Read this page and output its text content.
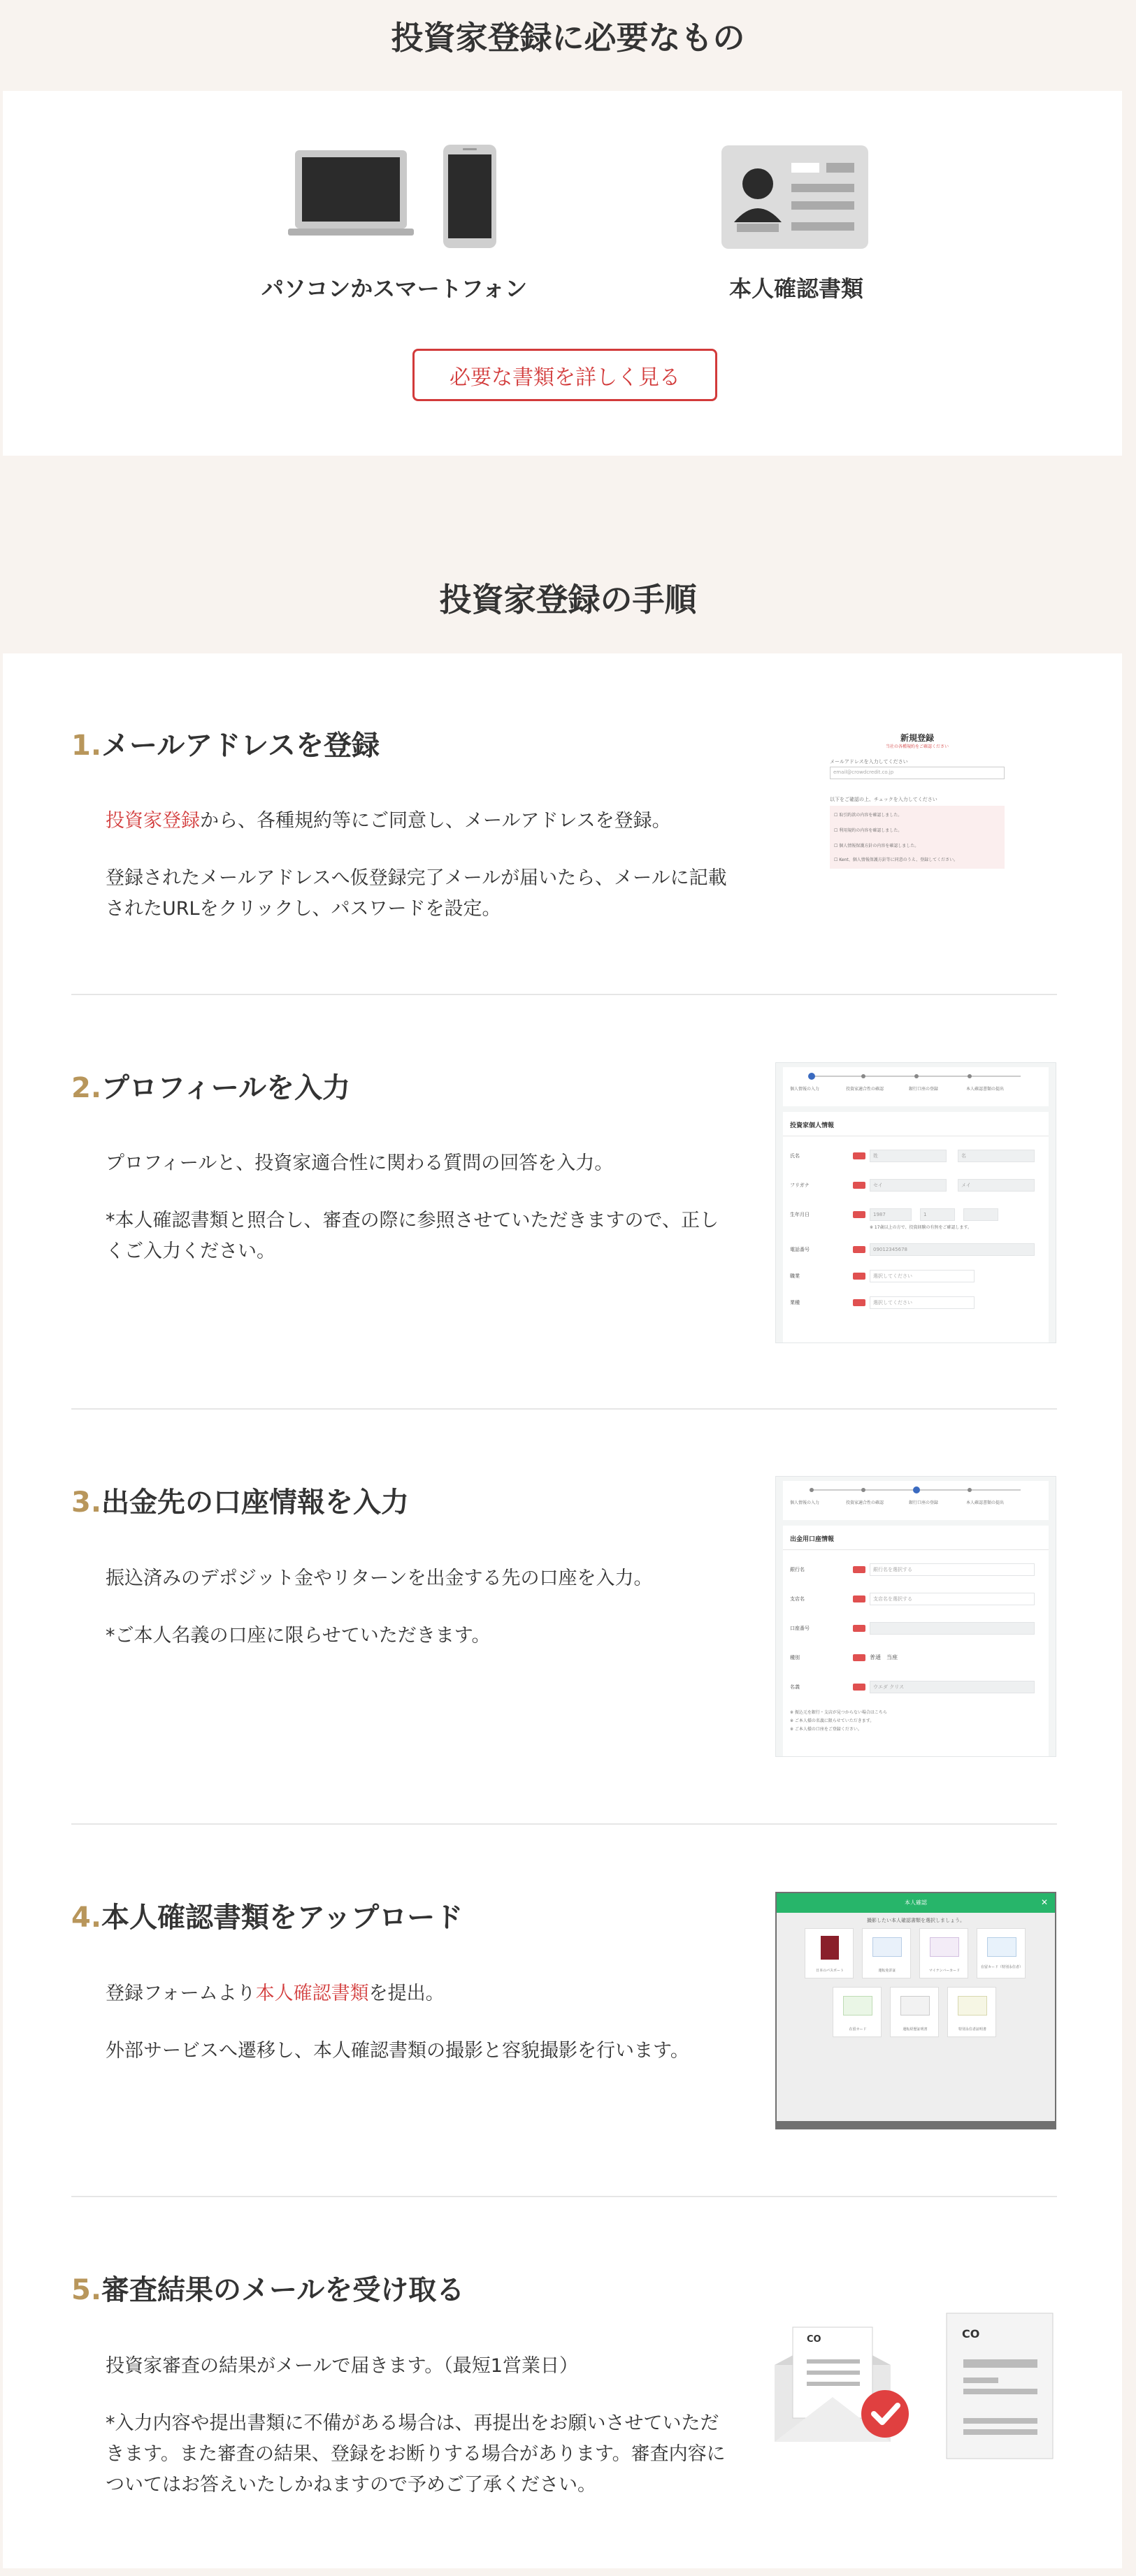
投資家登録に必要なもの
パソコンかスマートフォン	本人確認書類
必要な書類を詳しく見る
投資家登録の手順
1.メールアドレスを登録

投資家登録から、各種規約等にご同意し、メールアドレスを登録。

登録されたメールアドレスへ仮登録完了メールが届いたら、メールに記載されたURLをクリックし、パスワードを設定。

新規登録
当社の各種規約をご確認ください
メールアドレスを入力してください
email@crowdcredit.co.jp
以下をご確認の上、チェックを入力してください
☐ 取引約款の内容を確認しました。
☐ 利用規約の内容を確認しました。
☐ 個人情報保護方針の内容を確認しました。
☐ Kent、個人情報保護方針等に同意のうえ、登録してください。
2.プロフィールを入力

プロフィールと、投資家適合性に関わる質問の回答を入力。

*本人確認書類と照合し、審査の際に参照させていただきますので、正しくご入力ください。

個人情報の入力	投資家適合性の確認	銀行口座の登録	本人確認書類の提出
投資家個人情報
氏名	姓	名
フリガナ	セイ	メイ
生年月日	1987	1
※ 17歳以上の方で、投資経験の有無をご確認します。
電話番号	09012345678
職業	選択してください
業種	選択してください
3.出金先の口座情報を入力

振込済みのデポジット金やリターンを出金する先の口座を入力。

*ご本人名義の口座に限らせていただきます。

個人情報の入力	投資家適合性の確認	銀行口座の登録	本人確認書類の提出
出金用口座情報
銀行名	銀行名を選択する
支店名	支店名を選択する
口座番号
種別	普通　当座
名義	ウエダ クリス
※ 振込元を銀行・支店が見つからない場合はこちら
※ ご本人様の名義に限らせていただきます。
※ ご本人様の口座をご登録ください。
4.本人確認書類をアップロード

登録フォームより本人確認書類を提出。

外部サービスへ遷移し、本人確認書類の撮影と容貌撮影を行います。

本人確認	✕
撮影したい本人確認書類を選択しましょう。
日本のパスポート	運転免許証	マイナンバーカード
在留カード（特別永住者）
在留カード	運転経歴証明書	特別永住者証明書
5.審査結果のメールを受け取る

投資家審査の結果がメールで届きます。（最短1営業日）

*入力内容や提出書類に不備がある場合は、再提出をお願いさせていただきます。また審査の結果、登録をお断りする場合があります。審査内容についてはお答えいたしかねますので予めご了承ください。

CO	CO
